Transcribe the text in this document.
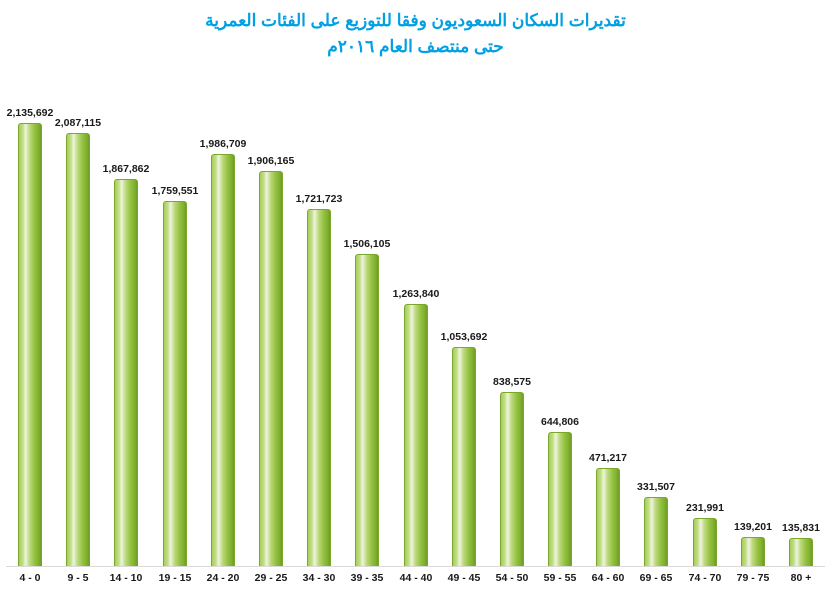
تقديرات السكان السعوديون وفقا للتوزيع على الفئات العمرية
حتى منتصف العام ٢٠١٦م
2,135,692
2,087,115
1,867,862
1,759,551
1,986,709
1,906,165
1,721,723
1,506,105
1,263,840
1,053,692
838,575
644,806
471,217
331,507
231,991
139,201 135,831
4 - 0	9 - 5	14 - 10	19 - 15	24 - 20	29 - 25	34 - 30	39 - 35	44 - 40	49 - 45	54 - 50	59 - 55	64 - 60	69 - 65	74 - 70	79 - 75	80 +
